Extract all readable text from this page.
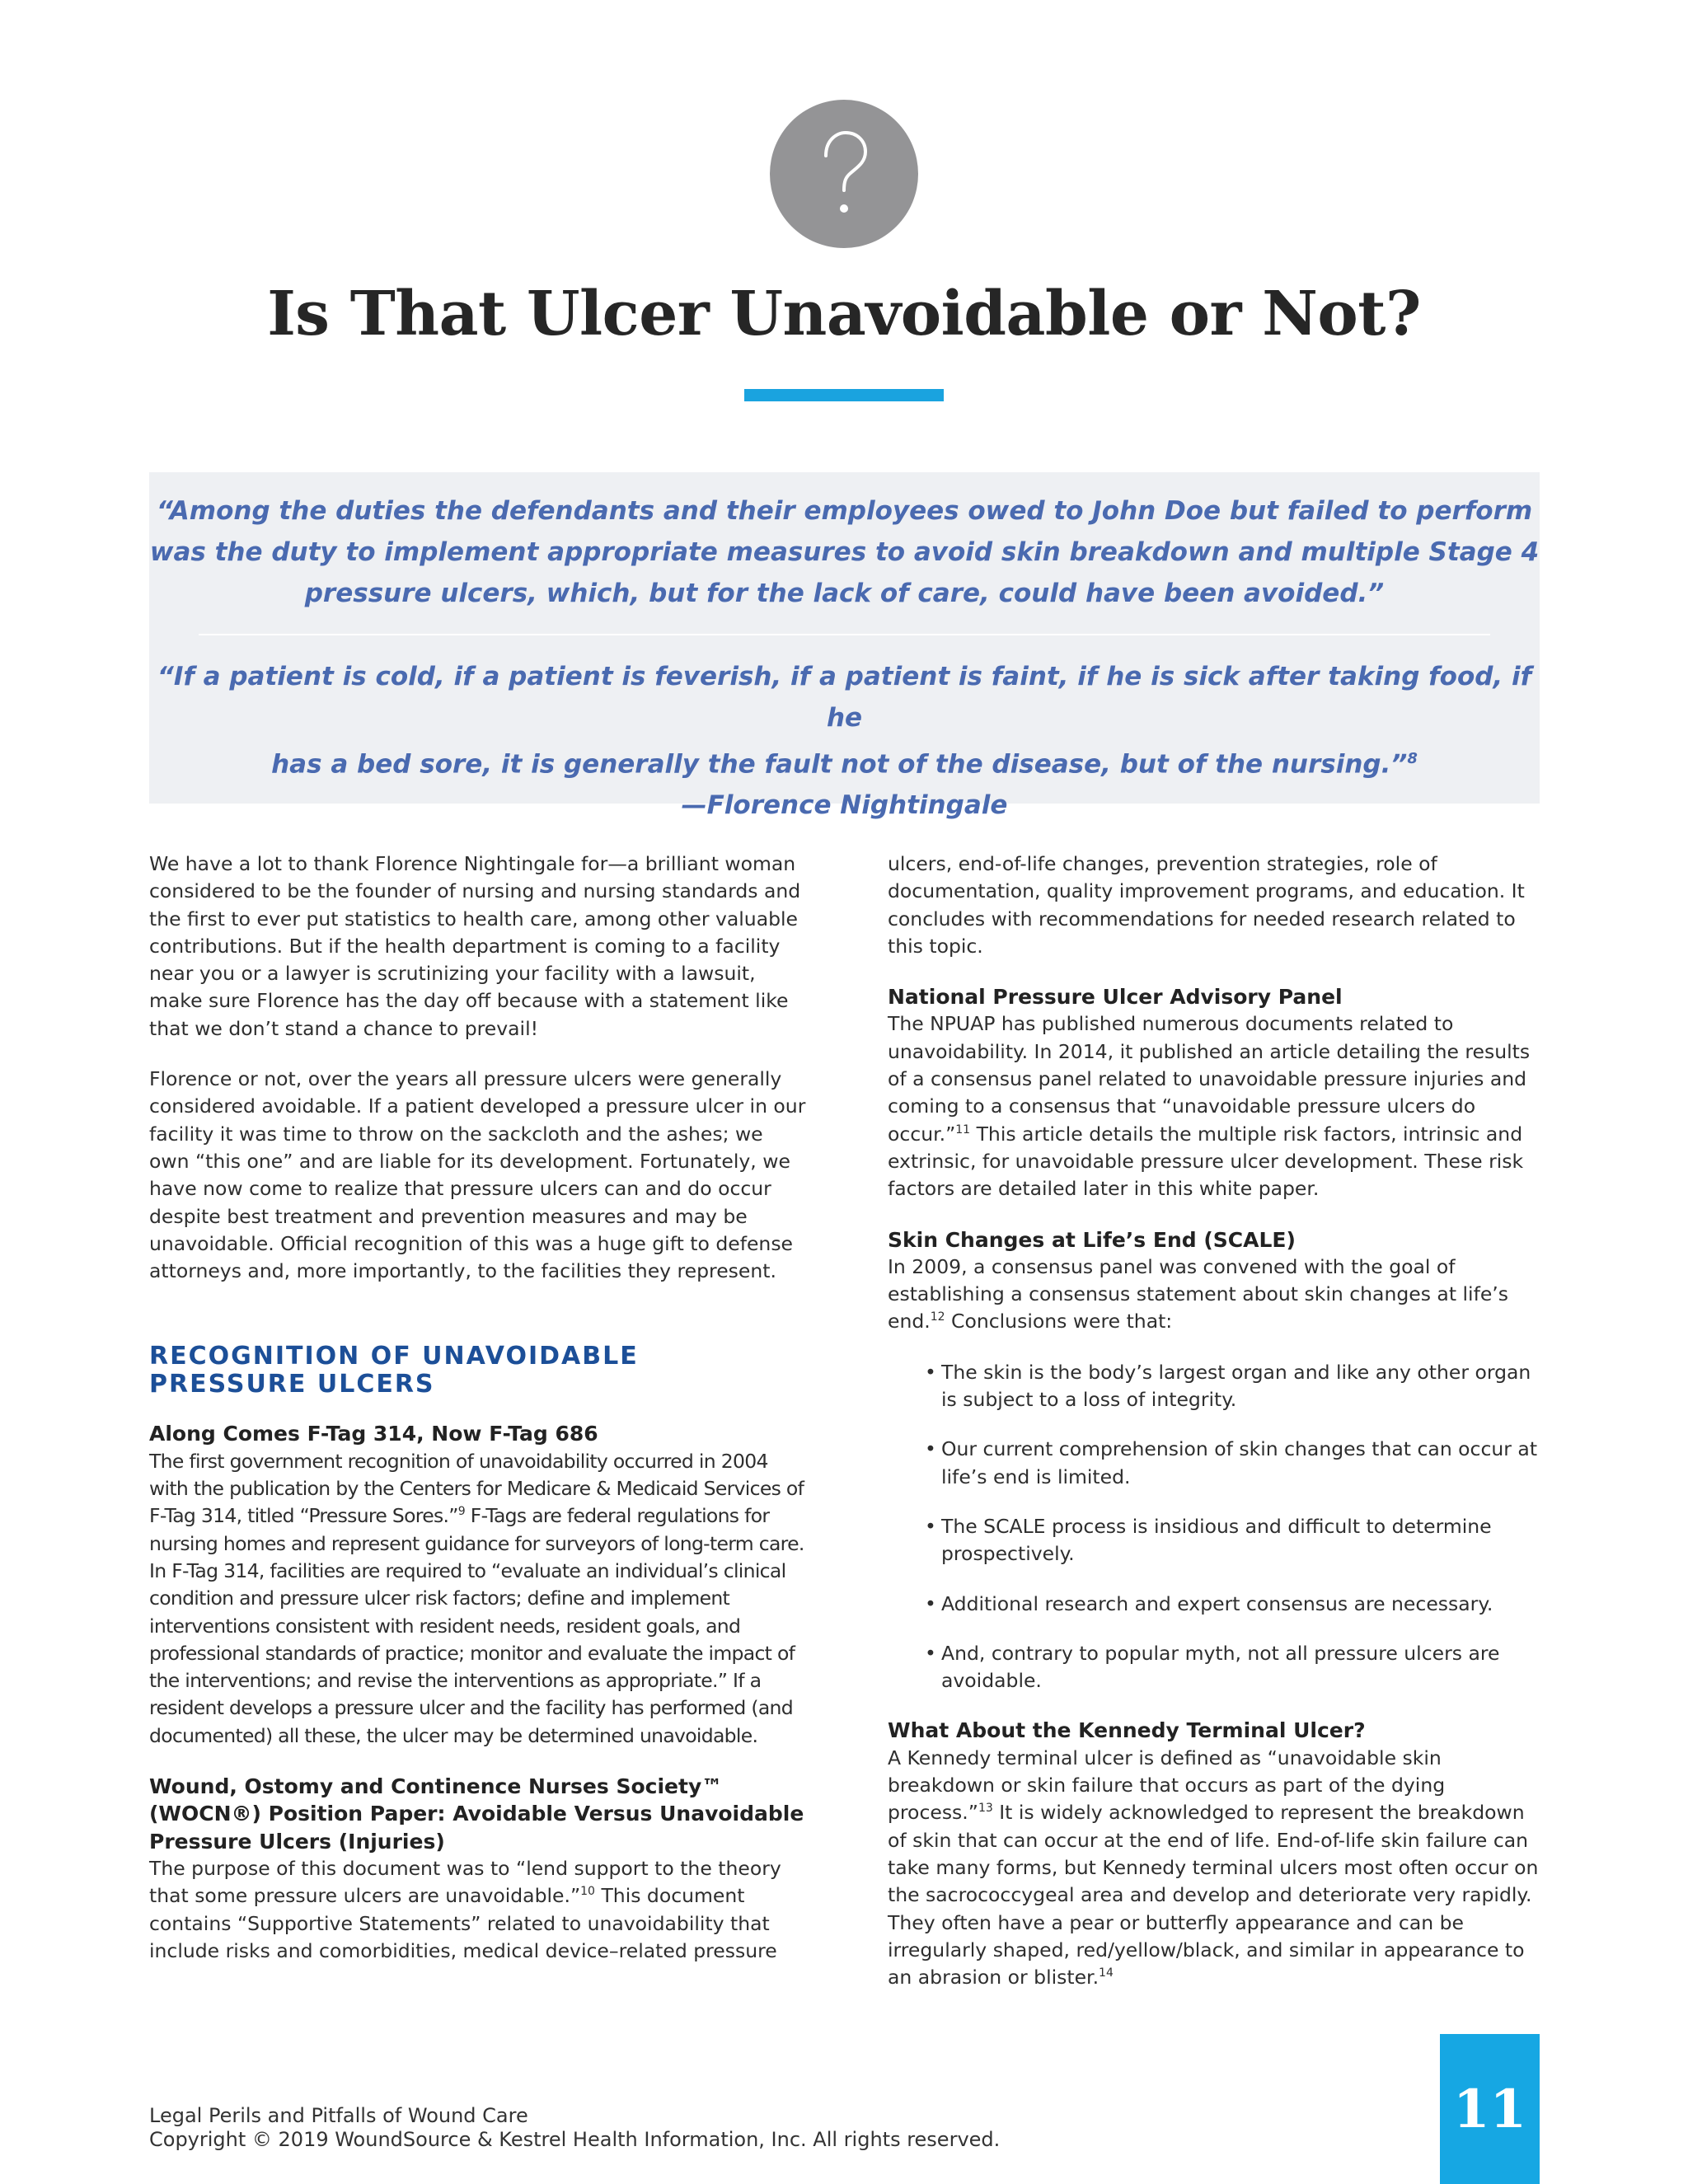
Is That Ulcer Unavoidable or Not?

“Among the duties the defendants and their employees owed to John Doe but failed to perform
was the duty to implement appropriate measures to avoid skin breakdown and multiple Stage 4
pressure ulcers, which, but for the lack of care, could have been avoided.”

“If a patient is cold, if a patient is feverish, if a patient is faint, if he is sick after taking food, if he
has a bed sore, it is generally the fault not of the disease, but of the nursing.”$^8$
—Florence Nightingale

We have a lot to thank Florence Nightingale for—a brilliant woman considered to be the founder of nursing and nursing standards and the first to ever put statistics to health care, among other valuable contributions. But if the health department is coming to a facility near you or a lawyer is scrutinizing your facility with a lawsuit, make sure Florence has the day off because with a statement like that we don’t stand a chance to prevail!

Florence or not, over the years all pressure ulcers were generally considered avoidable. If a patient developed a pressure ulcer in our facility it was time to throw on the sackcloth and the ashes; we own “this one” and are liable for its development. Fortunately, we have now come to realize that pressure ulcers can and do occur despite best treatment and prevention measures and may be unavoidable. Official recognition of this was a huge gift to defense attorneys and, more importantly, to the facilities they represent.

RECOGNITION OF UNAVOIDABLE
PRESSURE ULCERS

Along Comes F-Tag 314, Now F-Tag 686

The first government recognition of unavoidability occurred in 2004 with the publication by the Centers for Medicare & Medicaid Services of F-Tag 314, titled “Pressure Sores.”$^9$ F-Tags are federal regulations for nursing homes and represent guidance for surveyors of long-term care. In F-Tag 314, facilities are required to “evaluate an individual’s clinical condition and pressure ulcer risk factors; define and implement interventions consistent with resident needs, resident goals, and professional standards of practice; monitor and evaluate the impact of the interventions; and revise the interventions as appropriate.” If a resident develops a pressure ulcer and the facility has performed (and documented) all these, the ulcer may be determined unavoidable.

Wound, Ostomy and Continence Nurses Society™ (WOCN®) Position Paper: Avoidable Versus Unavoidable Pressure Ulcers (Injuries)

The purpose of this document was to “lend support to the theory that some pressure ulcers are unavoidable.”$^{10}$ This document contains “Supportive Statements” related to unavoidability that include risks and comorbidities, medical device–related pressure

ulcers, end-of-life changes, prevention strategies, role of documentation, quality improvement programs, and education. It concludes with recommendations for needed research related to this topic.

National Pressure Ulcer Advisory Panel

The NPUAP has published numerous documents related to unavoidability. In 2014, it published an article detailing the results of a consensus panel related to unavoidable pressure injuries and coming to a consensus that “unavoidable pressure ulcers do occur.”$^{11}$ This article details the multiple risk factors, intrinsic and extrinsic, for unavoidable pressure ulcer development. These risk factors are detailed later in this white paper.

Skin Changes at Life’s End (SCALE)

In 2009, a consensus panel was convened with the goal of establishing a consensus statement about skin changes at life’s end.$^{12}$ Conclusions were that:

• The skin is the body’s largest organ and like any other organ is subject to a loss of integrity.
• Our current comprehension of skin changes that can occur at life’s end is limited.
• The SCALE process is insidious and difficult to determine prospectively.
• Additional research and expert consensus are necessary.
• And, contrary to popular myth, not all pressure ulcers are avoidable.

What About the Kennedy Terminal Ulcer?

A Kennedy terminal ulcer is defined as “unavoidable skin breakdown or skin failure that occurs as part of the dying process.”$^{13}$ It is widely acknowledged to represent the breakdown of skin that can occur at the end of life. End-of-life skin failure can take many forms, but Kennedy terminal ulcers most often occur on the sacrococcygeal area and develop and deteriorate very rapidly. They often have a pear or butterfly appearance and can be irregularly shaped, red/yellow/black, and similar in appearance to an abrasion or blister.$^{14}$

Legal Perils and Pitfalls of Wound Care

Copyright © 2019 WoundSource & Kestrel Health Information, Inc. All rights reserved.	11
